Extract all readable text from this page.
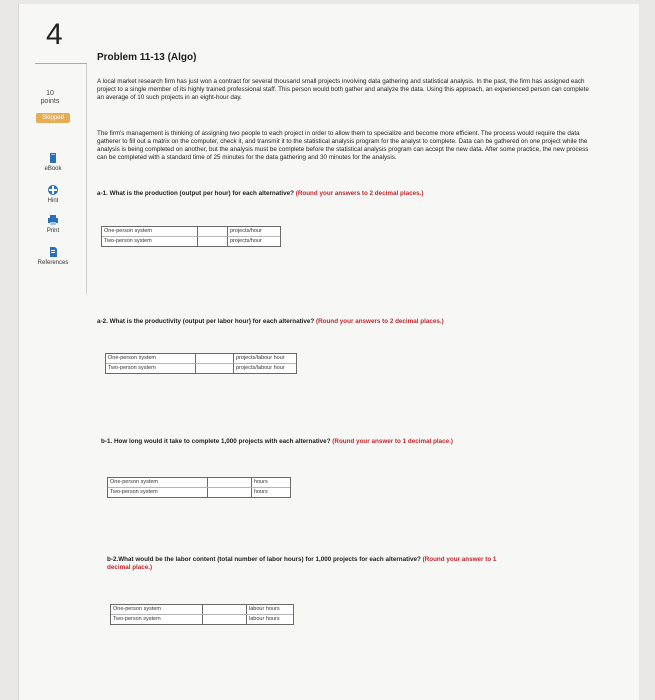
4
10
points
Skipped
eBook
Hint
Print
References
Problem 11-13 (Algo)
A local market research firm has just won a contract for several thousand small projects involving data gathering and statistical analysis. In the past, the firm has assigned each project to a single member of its highly trained professional staff. This person would both gather and analyze the data. Using this approach, an experienced person can complete an average of 10 such projects in an eight-hour day.
The firm's management is thinking of assigning two people to each project in order to allow them to specialize and become more efficient. The process would require the data gatherer to fill out a matrix on the computer, check it, and transmit it to the statistical analysis program for the analyst to complete. Data can be gathered on one project while the analysis is being completed on another, but the analysis must be complete before the statistical analysis program can accept the new data. After some practice, the new process can be completed with a standard time of 25 minutes for the data gathering and 30 minutes for the analysis.
a-1. What is the production (output per hour) for each alternative? (Round your answers to 2 decimal places.)
One-person system	projects/hour
Two-person system	projects/hour
a-2. What is the productivity (output per labor hour) for each alternative? (Round your answers to 2 decimal places.)
One-person system	projects/labour hour
Two-person system	projects/labour hour
b-1. How long would it take to complete 1,000 projects with each alternative? (Round your answer to 1 decimal place.)
One-person system	hours
Two-person system	hours
b-2.What would be the labor content (total number of labor hours) for 1,000 projects for each alternative? (Round your answer to 1
decimal place.)
One-person system	labour hours
Two-person system	labour hours
